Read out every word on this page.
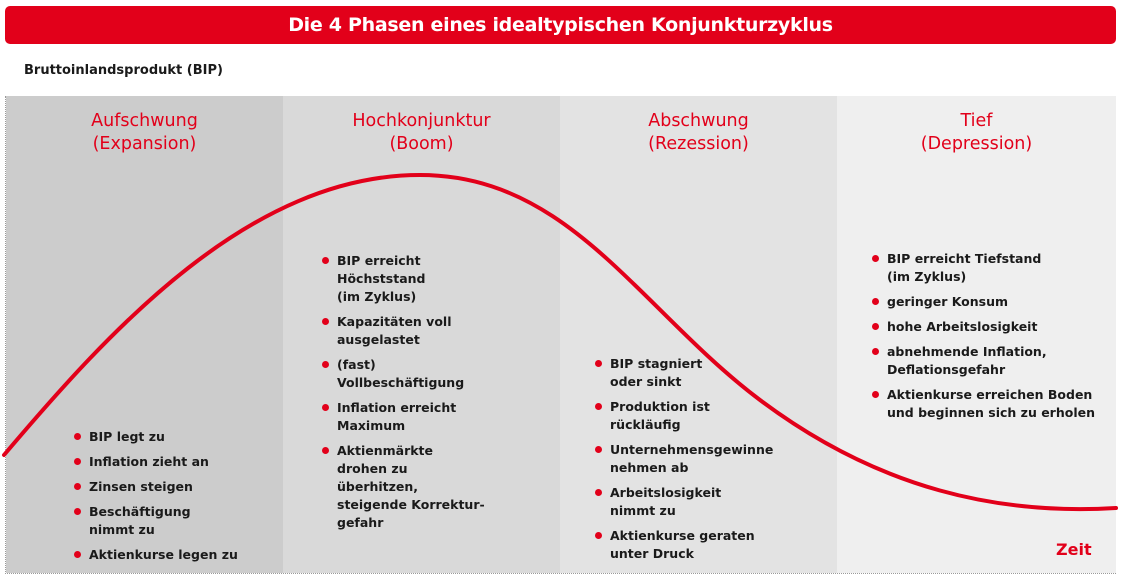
Die 4 Phasen eines idealtypischen Konjunkturzyklus
Bruttoinlandsprodukt (BIP)
Aufschwung
(Expansion)
Hochkonjunktur
(Boom)
Abschwung
(Rezession)
Tief
(Depression)
BIP legt zu
Inflation zieht an
Zinsen steigen
Beschäftigung nimmt zu
Aktienkurse legen zu
BIP erreicht Höchststand (im Zyklus)
Kapazitäten voll ausgelastet
(fast) Vollbeschäftigung
Inflation erreicht Maximum
Aktienmärkte drohen zu überhitzen, steigende Korrektur-gefahr
BIP stagniert oder sinkt
Produktion ist rückläufig
Unternehmensgewinne nehmen ab
Arbeitslosigkeit nimmt zu
Aktienkurse geraten unter Druck
BIP erreicht Tiefstand (im Zyklus)
geringer Konsum
hohe Arbeitslosigkeit
abnehmende Inflation, Deflationsgefahr
Aktienkurse erreichen Boden und beginnen sich zu erholen
Zeit
